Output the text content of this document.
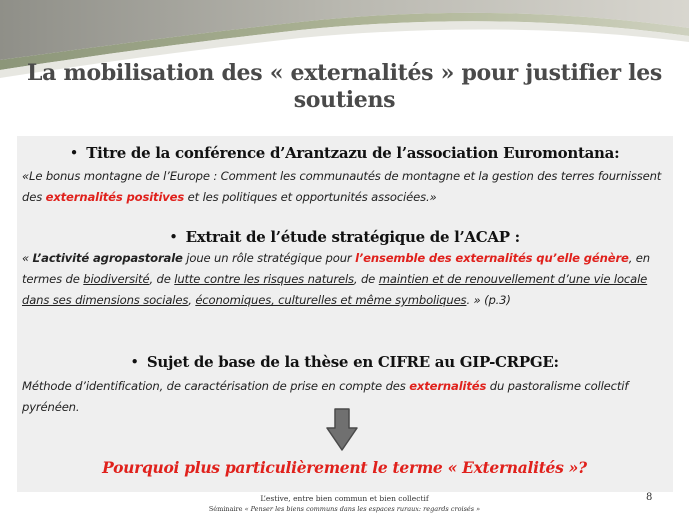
La mobilisation des « externalités » pour justifier les soutiens
• Titre de la conférence d’Arantzazu de l’association Euromontana:
«Le bonus montagne de l’Europe : Comment les communautés de montagne et la gestion des terres fournissent des externalités positives et les politiques et opportunités associées.»
• Extrait de l’étude stratégique de l’ACAP :
« L’activité agropastorale joue un rôle stratégique pour l’ensemble des externalités qu’elle génère, en termes de biodiversité, de lutte contre les risques naturels, de maintien et de renouvellement d’une vie locale dans ses dimensions sociales, économiques, culturelles et même symboliques. » (p.3)
• Sujet de base de la thèse en CIFRE au GIP-CRPGE:
Méthode d’identification, de caractérisation de prise en compte des externalités du pastoralisme collectif pyrénéen.
Pourquoi plus particulièrement le terme « Externalités »?
L’estive, entre bien commun et bien collectif
Séminaire « Penser les biens communs dans les espaces ruraux: regards croisés »
8
